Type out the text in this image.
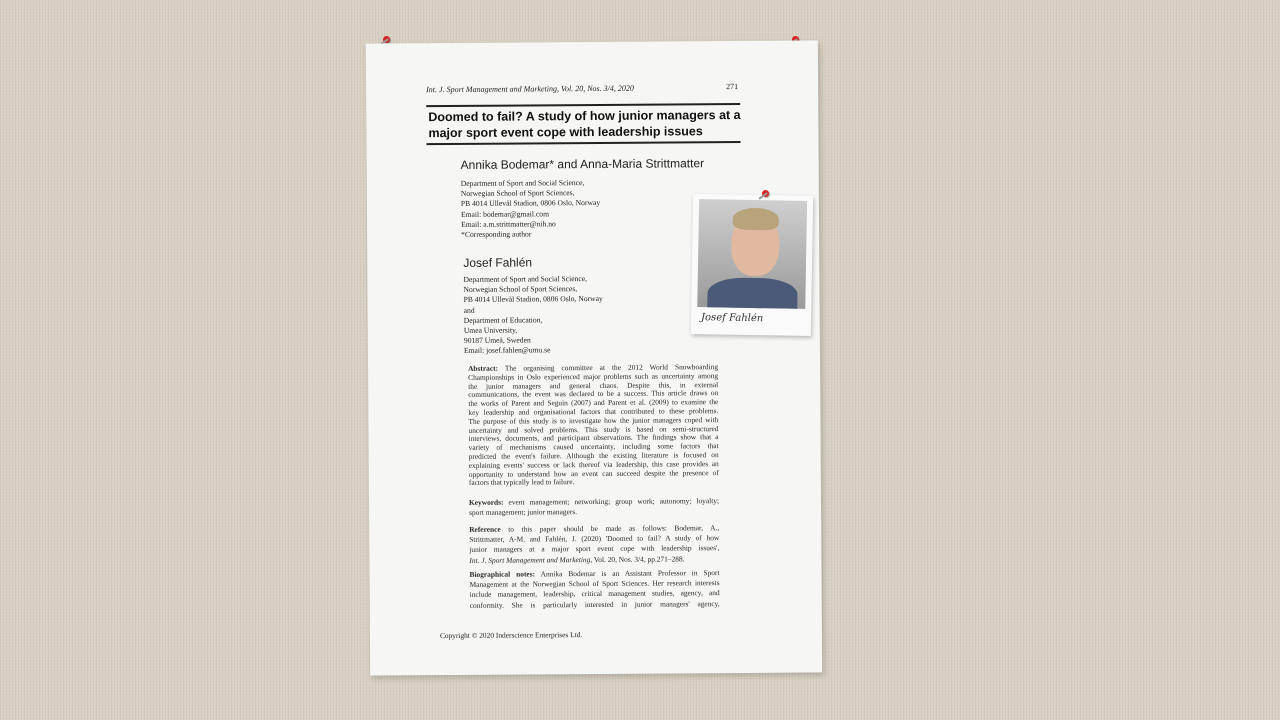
Int. J. Sport Management and Marketing, Vol. 20, Nos. 3/4, 2020	271
Doomed to fail? A study of how junior managers at a
major sport event cope with leadership issues
Annika Bodemar* and Anna-Maria Strittmatter
Department of Sport and Social Science,
Norwegian School of Sport Sciences,
PB 4014 Ullevål Stadion, 0806 Oslo, Norway
Email: bodemar@gmail.com
Email: a.m.strittmatter@nih.no
*Corresponding author
Josef Fahlén
Department of Sport and Social Science,
Norwegian School of Sport Sciences,
PB 4014 Ullevål Stadion, 0806 Oslo, Norway
and
Department of Education,
Umea University,
90187 Umeå, Sweden
Email: josef.fahlen@umu.se
Abstract: The organising committee at the 2012 World Snowboarding
Championships in Oslo experienced major problems such as uncertainty among
the junior managers and general chaos. Despite this, in external
communications, the event was declared to be a success. This article draws on
the works of Parent and Seguin (2007) and Parent et al. (2009) to examine the
key leadership and organisational factors that contributed to these problems.
The purpose of this study is to investigate how the junior managers coped with
uncertainty and solved problems. This study is based on semi-structured
interviews, documents, and participant observations. The findings show that a
variety of mechanisms caused uncertainty, including some factors that
predicted the event's failure. Although the existing literature is focused on
explaining events' success or lack thereof via leadership, this case provides an
opportunity to understand how an event can succeed despite the presence of
factors that typically lead to failure.
Keywords: event management; networking; group work; autonomy; loyalty;
sport management; junior managers.
Reference to this paper should be made as follows: Bodemar, A.,
Strittmatter, A-M. and Fahlén, J. (2020) 'Doomed to fail? A study of how
junior managers at a major sport event cope with leadership issues',
Int. J. Sport Management and Marketing, Vol. 20, Nos. 3/4, pp.271–288.
Biographical notes: Annika Bodemar is an Assistant Professor in Sport
Management at the Norwegian School of Sport Sciences. Her research interests
include management, leadership, critical management studies, agency, and
conformity. She is particularly interested in junior managers' agency,
Copyright © 2020 Inderscience Enterprises Ltd.
Josef Fahlén
